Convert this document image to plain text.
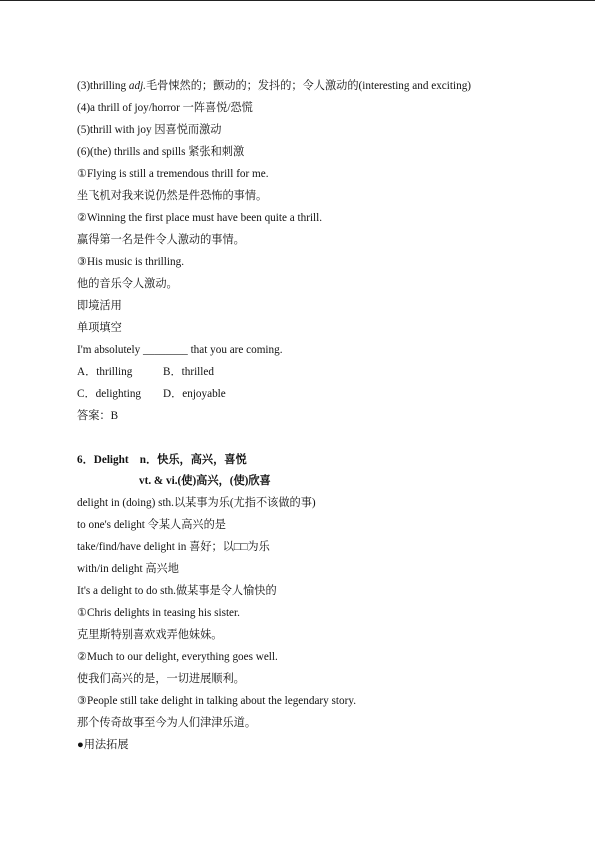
(3)thrilling adj.毛骨悚然的；颤动的；发抖的；令人激动的(interesting and exciting)
(4)a thrill of joy/horror 一阵喜悦/恐慌
(5)thrill with joy 因喜悦而激动
(6)(the) thrills and spills 紧张和刺激
①Flying is still a tremendous thrill for me.
坐飞机对我来说仍然是件恐怖的事情。
②Winning the first place must have been quite a thrill.
赢得第一名是件令人激动的事情。
③His music is thrilling.
他的音乐令人激动。
即境活用
单项填空
I'm absolutely ________ that you are coming.
A．thrilling	B．thrilled
C．delighting D．enjoyable
答案：B
6．Delight　n．快乐，高兴，喜悦
vt. & vi.(使)高兴，(使)欣喜
delight in (doing) sth.以某事为乐(尤指不该做的事)
to one's delight 令某人高兴的是
take/find/have delight in 喜好；以□□为乐
with/in delight 高兴地
It's a delight to do sth.做某事是令人愉快的
①Chris delights in teasing his sister.
克里斯特别喜欢戏弄他妹妹。
②Much to our delight, everything goes well.
使我们高兴的是，一切进展顺利。
③People still take delight in talking about the legendary story.
那个传奇故事至今为人们津津乐道。
●用法拓展
